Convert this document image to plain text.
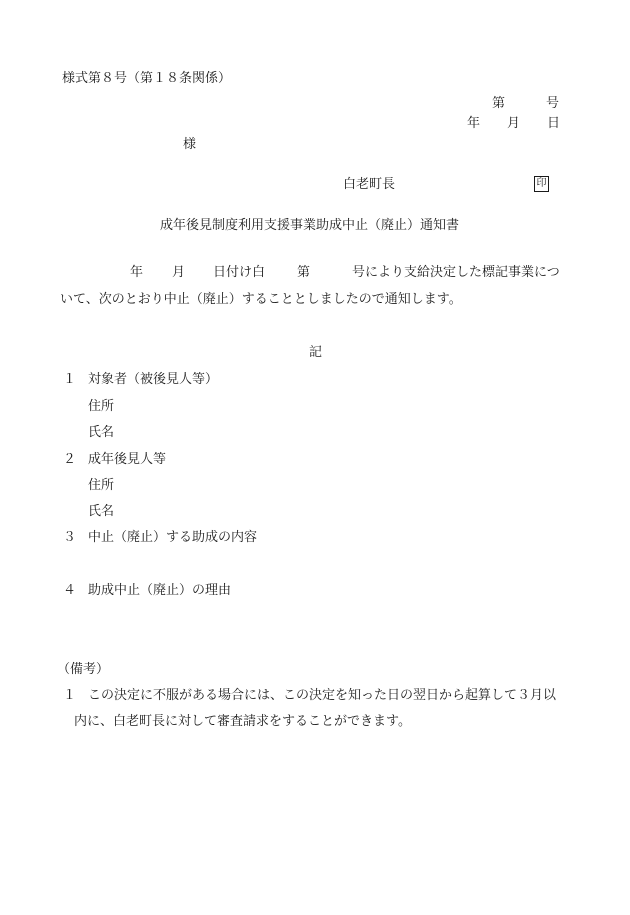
様式第８号（第１８条関係）
第	号
年 月 日
様
白老町長	印
成年後見制度利用支援事業助成中止（廃止）通知書
年 月 日付け白 第	号により支給決定した標記事業につ
いて、次のとおり中止（廃止）することとしましたので通知します。
記
１ 対象者（被後見人等）
住所
氏名
２ 成年後見人等
住所
氏名
３ 中止（廃止）する助成の内容
４ 助成中止（廃止）の理由
（備考）
１ この決定に不服がある場合には、この決定を知った日の翌日から起算して３月以
内に、白老町長に対して審査請求をすることができます。
